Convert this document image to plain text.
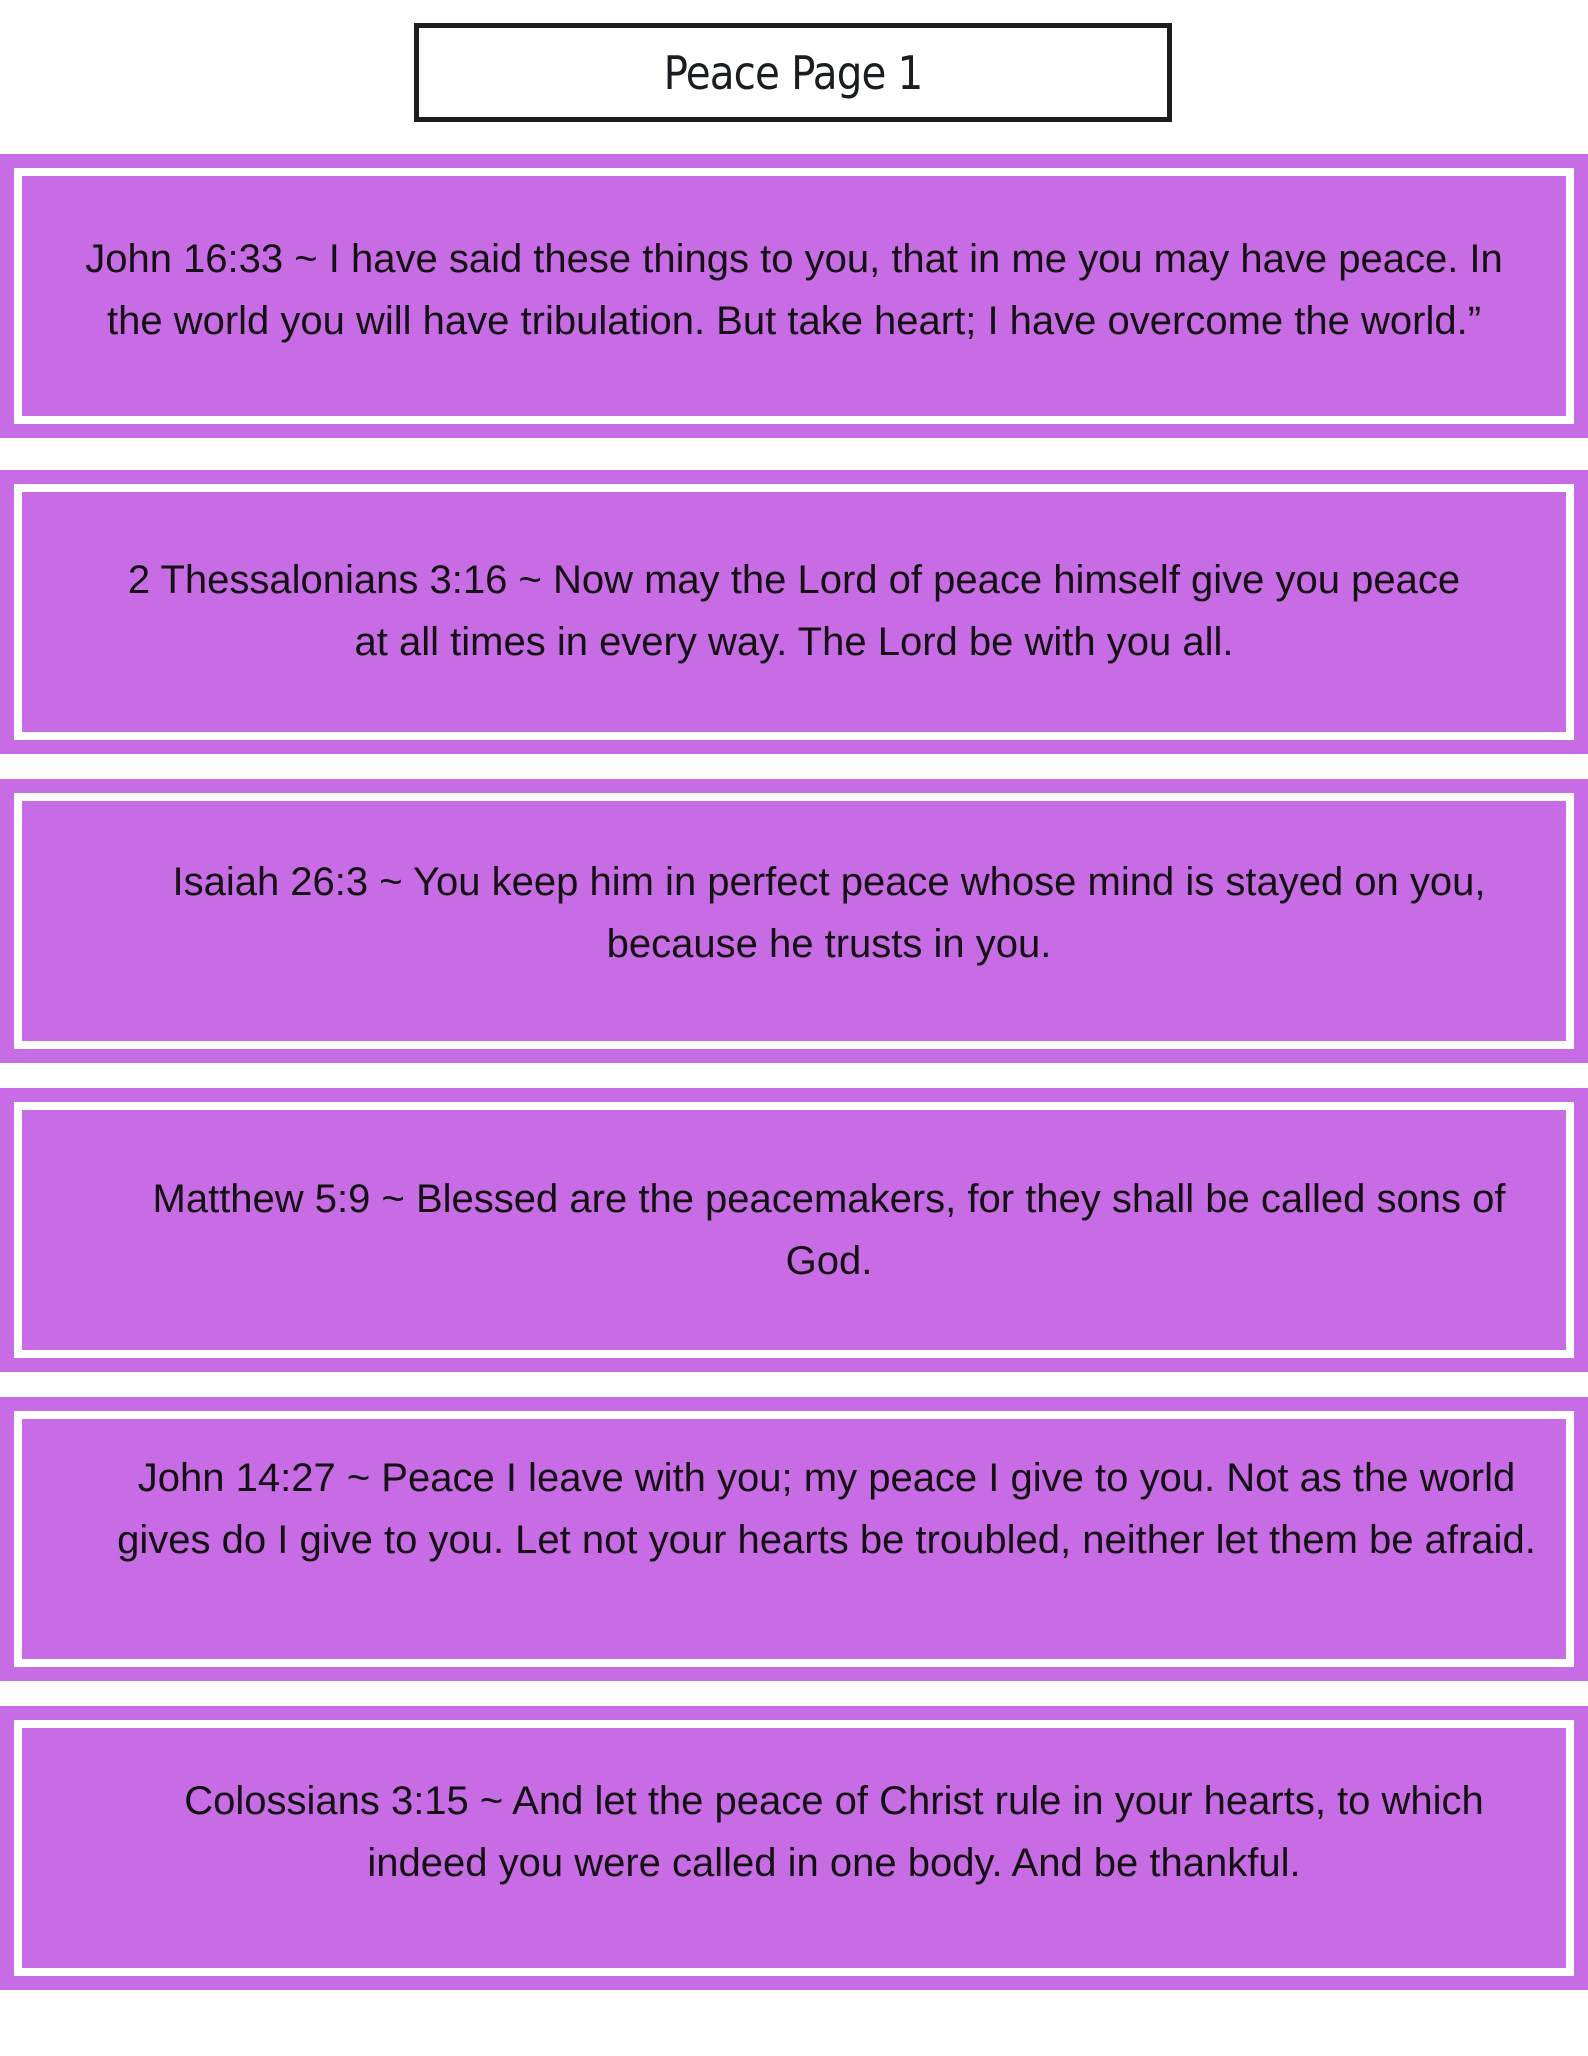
Peace Page 1

John 16:33 ~ I have said these things to you, that in me you may have peace. In the world you will have tribulation. But take heart; I have overcome the world.”

2 Thessalonians 3:16 ~ Now may the Lord of peace himself give you peace at all times in every way. The Lord be with you all.

Isaiah 26:3 ~ You keep him in perfect peace whose mind is stayed on you, because he trusts in you.

Matthew 5:9 ~ Blessed are the peacemakers, for they shall be called sons of God.

John 14:27 ~ Peace I leave with you; my peace I give to you. Not as the world gives do I give to you. Let not your hearts be troubled, neither let them be afraid.

Colossians 3:15 ~ And let the peace of Christ rule in your hearts, to which indeed you were called in one body. And be thankful.
